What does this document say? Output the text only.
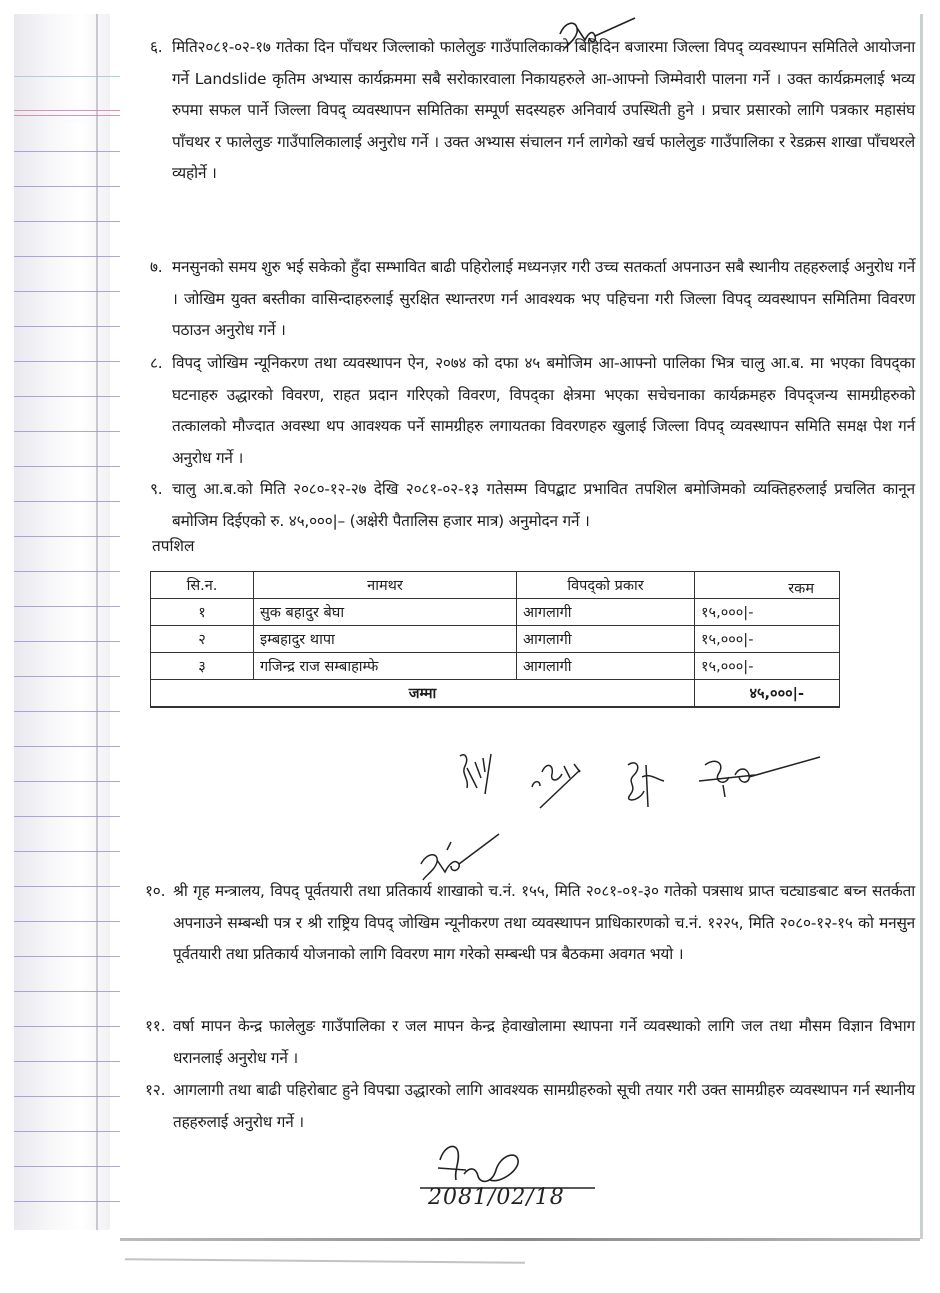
६. मिति२०८१-०२-१७ गतेका दिन पाँचथर जिल्लाको फालेलुङ गाउँपालिकाको बिहिदिन बजारमा जिल्ला विपद् व्यवस्थापन समितिले आयोजना गर्ने Landslide कृतिम अभ्यास कार्यक्रममा सबै सरोकारवाला निकायहरुले आ-आफ्नो जिम्मेवारी पालना गर्ने । उक्त कार्यक्रमलाई भव्य रुपमा सफल पार्ने जिल्ला विपद् व्यवस्थापन समितिका सम्पूर्ण सदस्यहरु अनिवार्य उपस्थिती हुने । प्रचार प्रसारको लागि पत्रकार महासंघ पाँचथर र फालेलुङ गाउँपालिकालाई अनुरोध गर्ने । उक्त अभ्यास संचालन गर्न लागेको खर्च फालेलुङ गाउँपालिका र रेडक्रस शाखा पाँचथरले व्यहोर्ने ।

७. मनसुनको समय शुरु भई सकेको हुँदा सम्भावित बाढी पहिरोलाई मध्यनज़र गरी उच्च सतकर्ता अपनाउन सबै स्थानीय तहहरुलाई अनुरोध गर्ने । जोखिम युक्त बस्तीका वासिन्दाहरुलाई सुरक्षित स्थान्तरण गर्न आवश्यक भए पहिचना गरी जिल्ला विपद् व्यवस्थापन समितिमा विवरण पठाउन अनुरोध गर्ने ।

८. विपद् जोखिम न्यूनिकरण तथा व्यवस्थापन ऐन, २०७४ को दफा ४५ बमोजिम आ-आफ्नो पालिका भित्र चालु आ.ब. मा भएका विपद्का घटनाहरु उद्धारको विवरण, राहत प्रदान गरिएको विवरण, विपद्का क्षेत्रमा भएका सचेचनाका कार्यक्रमहरु विपद्जन्य सामग्रीहरुको तत्कालको मौज्दात अवस्था थप आवश्यक पर्ने सामग्रीहरु लगायतका विवरणहरु खुलाई जिल्ला विपद् व्यवस्थापन समिति समक्ष पेश गर्न अनुरोध गर्ने ।

९. चालु आ.ब.को मिति २०८०-१२-२७ देखि २०८१-०२-१३ गतेसम्म विपद्बाट प्रभावित तपशिल बमोजिमको व्यक्तिहरुलाई प्रचलित कानून बमोजिम दिईएको रु. ४५,०००|– (अक्षेरी पैतालिस हजार मात्र) अनुमोदन गर्ने ।

तपशिल
सि.न.	नामथर	विपद्को प्रकार	रकम
१	सुक बहादुर बेघा	आगलागी	१५,०००|-
२	इम्बहादुर थापा	आगलागी	१५,०००|-
३	गजिन्द्र राज सम्बाहाम्फे	आगलागी	१५,०००|-
जम्मा			४५,०००|-

१०. श्री गृह मन्त्रालय, विपद् पूर्वतयारी तथा प्रतिकार्य शाखाको च.नं. १५५, मिति २०८१-०१-३० गतेको पत्रसाथ प्राप्त चट्याङबाट बच्न सतर्कता अपनाउने सम्बन्धी पत्र र श्री राष्ट्रिय विपद् जोखिम न्यूनीकरण तथा व्यवस्थापन प्राधिकारणको च.नं. १२२५, मिति २०८०-१२-१५ को मनसुन पूर्वतयारी तथा प्रतिकार्य योजनाको लागि विवरण माग गरेको सम्बन्धी पत्र बैठकमा अवगत भयो ।

११. वर्षा मापन केन्द्र फालेलुङ गाउँपालिका र जल मापन केन्द्र हेवाखोलामा स्थापना गर्ने व्यवस्थाको लागि जल तथा मौसम विज्ञान विभाग धरानलाई अनुरोध गर्ने ।

१२. आगलागी तथा बाढी पहिरोबाट हुने विपद्मा उद्धारको लागि आवश्यक सामग्रीहरुको सूची तयार गरी उक्त सामग्रीहरु व्यवस्थापन गर्न स्थानीय तहहरुलाई अनुरोध गर्ने ।

2081/02/18
